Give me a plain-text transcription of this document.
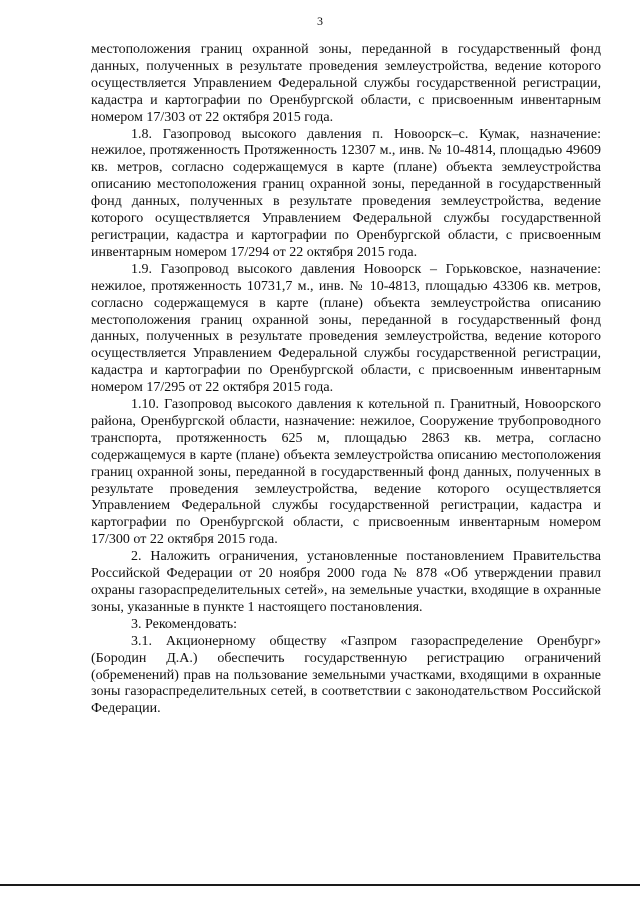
3

местоположения границ охранной зоны, переданной в государственный фонд данных, полученных в результате проведения землеустройства, ведение которого осуществляется Управлением Федеральной службы государственной регистрации, кадастра и картографии по Оренбургской области, с присвоенным инвентарным номером 17/303 от 22 октября 2015 года.

1.8. Газопровод высокого давления п. Новоорск–с. Кумак, назначение: нежилое, протяженность Протяженность 12307 м., инв. № 10-4814, площадью 49609 кв. метров, согласно содержащемуся в карте (плане) объекта землеустройства описанию местоположения границ охранной зоны, переданной в государственный фонд данных, полученных в результате проведения землеустройства, ведение которого осуществляется Управлением Федеральной службы государственной регистрации, кадастра и картографии по Оренбургской области, с присвоенным инвентарным номером 17/294 от 22 октября 2015 года.

1.9. Газопровод высокого давления Новоорск – Горьковское, назначение: нежилое, протяженность 10731,7 м., инв. № 10-4813, площадью 43306 кв. метров, согласно содержащемуся в карте (плане) объекта землеустройства описанию местоположения границ охранной зоны, переданной в государственный фонд данных, полученных в результате проведения землеустройства, ведение которого осуществляется Управлением Федеральной службы государственной регистрации, кадастра и картографии по Оренбургской области, с присвоенным инвентарным номером 17/295 от 22 октября 2015 года.

1.10. Газопровод высокого давления к котельной п. Гранитный, Новоорского района, Оренбургской области, назначение: нежилое, Сооружение трубопроводного транспорта, протяженность 625 м, площадью 2863 кв. метра, согласно содержащемуся в карте (плане) объекта землеустройства описанию местоположения границ охранной зоны, переданной в государственный фонд данных, полученных в результате проведения землеустройства, ведение которого осуществляется Управлением Федеральной службы государственной регистрации, кадастра и картографии по Оренбургской области, с присвоенным инвентарным номером 17/300 от 22 октября 2015 года.

2. Наложить ограничения, установленные постановлением Правительства Российской Федерации от 20 ноября 2000 года № 878 «Об утверждении правил охраны газораспределительных сетей», на земельные участки, входящие в охранные зоны, указанные в пункте 1 настоящего постановления.

3. Рекомендовать:

3.1. Акционерному обществу «Газпром газораспределение Оренбург» (Бородин Д.А.) обеспечить государственную регистрацию ограничений (обременений) прав на пользование земельными участками, входящими в охранные зоны газораспределительных сетей, в соответствии с законодательством Российской Федерации.
